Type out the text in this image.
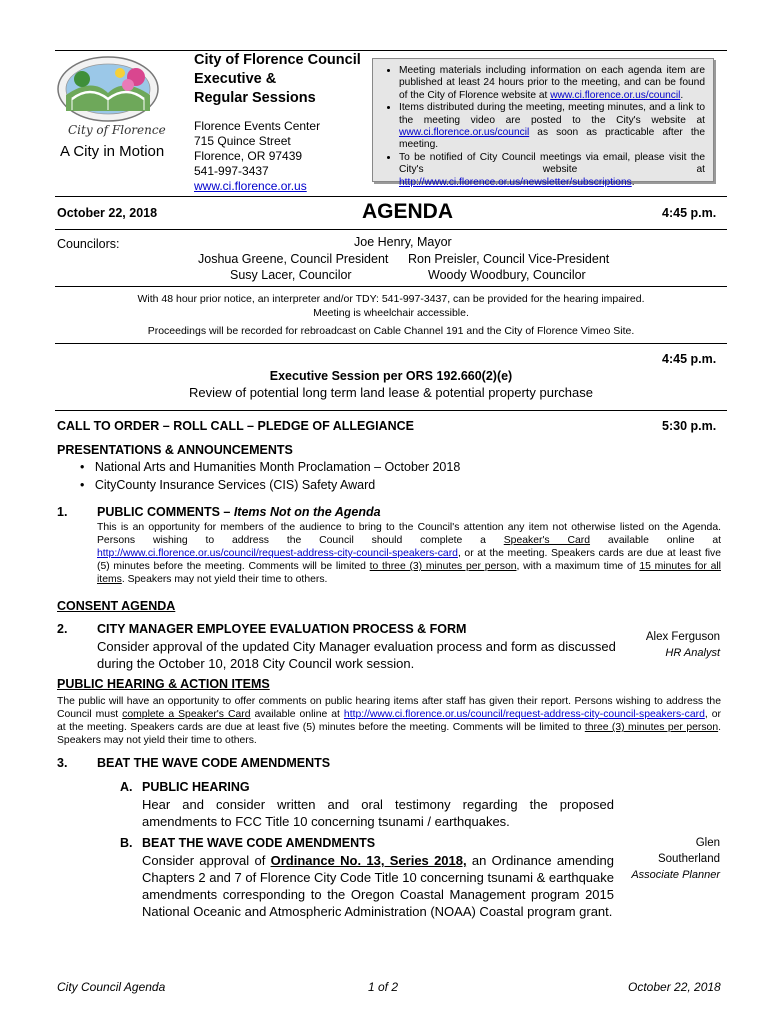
City of Florence
A City in Motion
City of Florence Council
Executive &
Regular Sessions
Florence Events Center
715 Quince Street
Florence, OR 97439
541-997-3437
www.ci.florence.or.us
• Meeting materials including information on each agenda item are published at least 24 hours prior to the meeting, and can be found of the City of Florence website at www.ci.florence.or.us/council.
• Items distributed during the meeting, meeting minutes, and a link to the meeting video are posted to the City's website at www.ci.florence.or.us/council as soon as practicable after the meeting.
• To be notified of City Council meetings via email, please visit the City's website at http://www.ci.florence.or.us/newsletter/subscriptions.
October 22, 2018	AGENDA	4:45 p.m.
Councilors:	Joe Henry, Mayor
Joshua Greene, Council President Ron Preisler, Council Vice-President
Susy Lacer, Councilor	Woody Woodbury, Councilor
With 48 hour prior notice, an interpreter and/or TDY: 541-997-3437, can be provided for the hearing impaired.
Meeting is wheelchair accessible.
Proceedings will be recorded for rebroadcast on Cable Channel 191 and the City of Florence Vimeo Site.
4:45 p.m.
Executive Session per ORS 192.660(2)(e)
Review of potential long term land lease & potential property purchase
CALL TO ORDER – ROLL CALL – PLEDGE OF ALLEGIANCE	5:30 p.m.
PRESENTATIONS & ANNOUNCEMENTS
• National Arts and Humanities Month Proclamation – October 2018
• CityCounty Insurance Services (CIS) Safety Award
1. PUBLIC COMMENTS – Items Not on the Agenda
This is an opportunity for members of the audience to bring to the Council's attention any item not otherwise listed on the Agenda. Persons wishing to address the Council should complete a Speaker's Card available online at http://www.ci.florence.or.us/council/request-address-city-council-speakers-card, or at the meeting. Speakers cards are due at least five (5) minutes before the meeting. Comments will be limited to three (3) minutes per person, with a maximum time of 15 minutes for all items. Speakers may not yield their time to others.
CONSENT AGENDA
2. CITY MANAGER EMPLOYEE EVALUATION PROCESS & FORM
Consider approval of the updated City Manager evaluation process and form as discussed during the October 10, 2018 City Council work session.
Alex Ferguson
HR Analyst
PUBLIC HEARING & ACTION ITEMS
The public will have an opportunity to offer comments on public hearing items after staff has given their report. Persons wishing to address the Council must complete a Speaker's Card available online at http://www.ci.florence.or.us/council/request-address-city-council-speakers-card, or at the meeting. Speakers cards are due at least five (5) minutes before the meeting. Comments will be limited to three (3) minutes per person. Speakers may not yield their time to others.
3. BEAT THE WAVE CODE AMENDMENTS
A. PUBLIC HEARING
Hear and consider written and oral testimony regarding the proposed amendments to FCC Title 10 concerning tsunami / earthquakes.
B. BEAT THE WAVE CODE AMENDMENTS
Consider approval of Ordinance No. 13, Series 2018, an Ordinance amending Chapters 2 and 7 of Florence City Code Title 10 concerning tsunami & earthquake amendments corresponding to the Oregon Coastal Management program 2015 National Oceanic and Atmospheric Administration (NOAA) Coastal program grant.
Glen
Southerland
Associate Planner
City Council Agenda	1 of 2	October 22, 2018
